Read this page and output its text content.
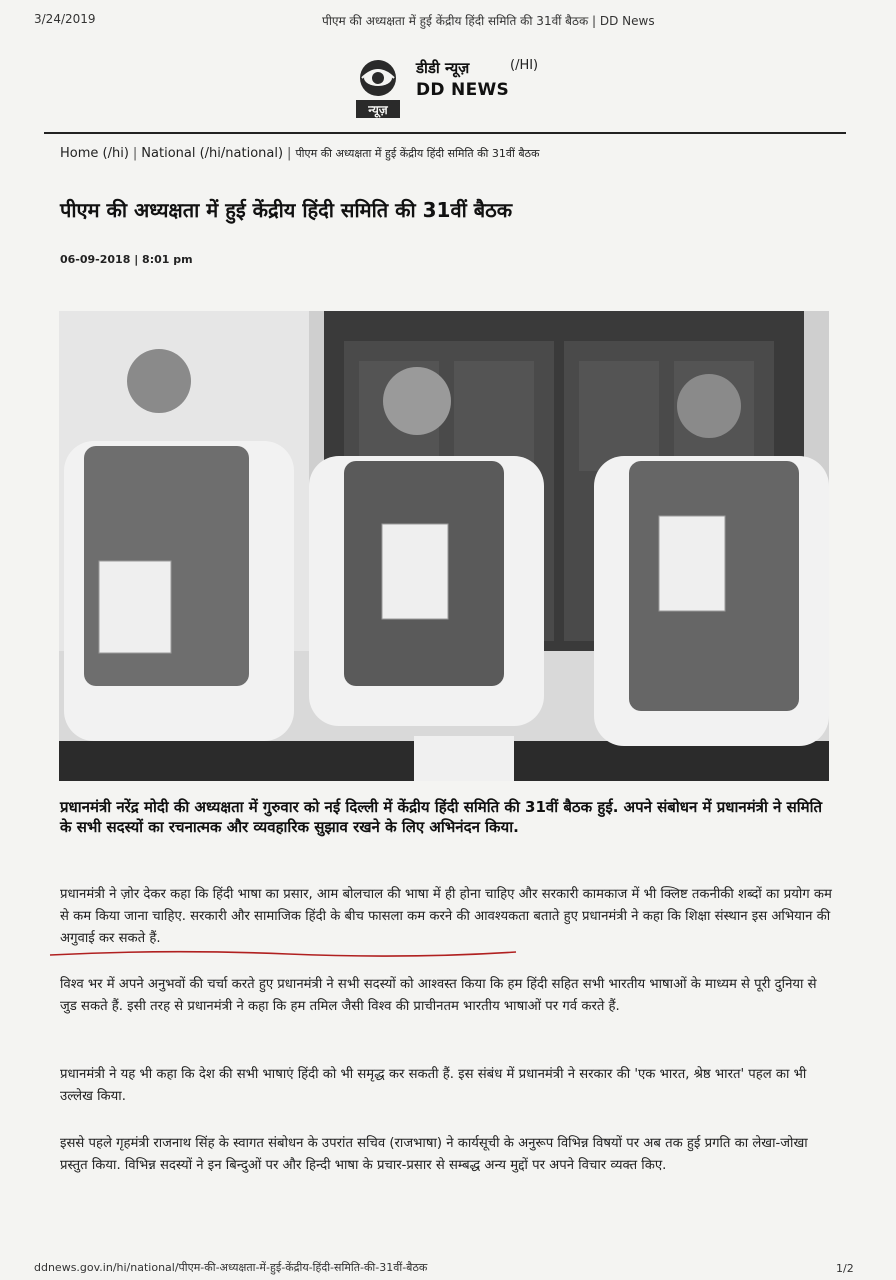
3/24/2019	पीएम की अध्यक्षता में हुई केंद्रीय हिंदी समिति की 31वीं बैठक | DD News
न्यूज़
डीडी न्यूज़
DD NEWS
(/HI)
Home (/hi) | National (/hi/national) | पीएम की अध्यक्षता में हुई केंद्रीय हिंदी समिति की 31वीं बैठक
पीएम की अध्यक्षता में हुई केंद्रीय हिंदी समिति की 31वीं बैठक
06-09-2018 | 8:01 pm

प्रधानमंत्री नरेंद्र मोदी की अध्यक्षता में गुरुवार को नई दिल्ली में केंद्रीय हिंदी समिति की 31वीं बैठक हुई. अपने संबोधन में प्रधानमंत्री ने समिति के सभी सदस्यों का रचनात्मक और व्यवहारिक सुझाव रखने के लिए अभिनंदन किया.

प्रधानमंत्री ने ज़ोर देकर कहा कि हिंदी भाषा का प्रसार, आम बोलचाल की भाषा में ही होना चाहिए और सरकारी कामकाज में भी क्लिष्ट तकनीकी शब्दों का प्रयोग कम से कम किया जाना चाहिए. सरकारी और सामाजिक हिंदी के बीच फासला कम करने की आवश्यकता बताते हुए प्रधानमंत्री ने कहा कि शिक्षा संस्थान इस अभियान की अगुवाई कर सकते हैं.

विश्व भर में अपने अनुभवों की चर्चा करते हुए प्रधानमंत्री ने सभी सदस्यों को आश्वस्त किया कि हम हिंदी सहित सभी भारतीय भाषाओं के माध्यम से पूरी दुनिया से जुड सकते हैं. इसी तरह से प्रधानमंत्री ने कहा कि हम तमिल जैसी विश्व की प्राचीनतम भारतीय भाषाओं पर गर्व करते हैं.

प्रधानमंत्री ने यह भी कहा कि देश की सभी भाषाएं हिंदी को भी समृद्ध कर सकती हैं. इस संबंध में प्रधानमंत्री ने सरकार की 'एक भारत, श्रेष्ठ भारत' पहल का भी उल्लेख किया.

इससे पहले गृहमंत्री राजनाथ सिंह के स्वागत संबोधन के उपरांत सचिव (राजभाषा) ने कार्यसूची के अनुरूप विभिन्न विषयों पर अब तक हुई प्रगति का लेखा-जोखा प्रस्तुत किया. विभिन्न सदस्यों ने इन बिन्दुओं पर और हिन्दी भाषा के प्रचार-प्रसार से सम्बद्ध अन्य मुद्दों पर अपने विचार व्यक्त किए.

ddnews.gov.in/hi/national/पीएम-की-अध्यक्षता-में-हुई-केंद्रीय-हिंदी-समिति-की-31वीं-बैठक	1/2
